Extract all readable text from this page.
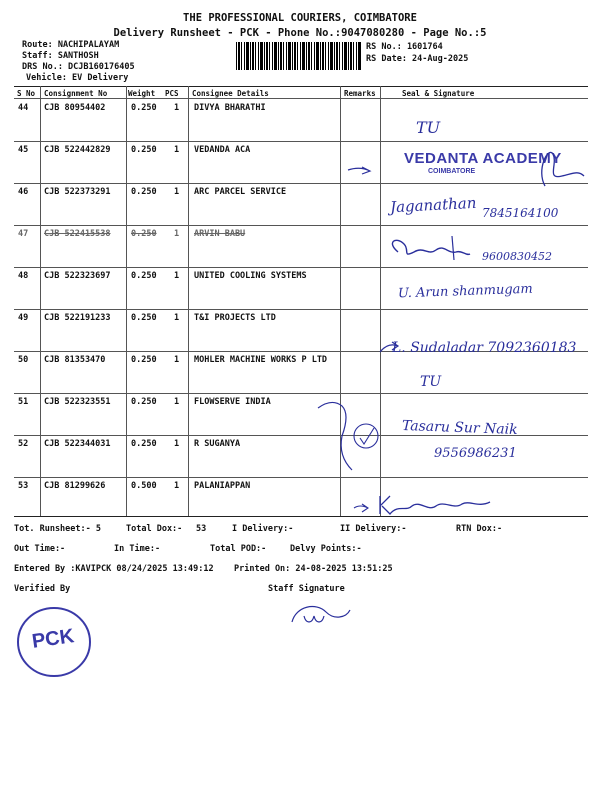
THE PROFESSIONAL COURIERS, COIMBATORE
Delivery Runsheet - PCK - Phone No.:9047080280 - Page No.:5
Route: NACHIPALAYAM
Staff: SANTHOSH
DRS No.: DCJB160176405
Vehicle: EV Delivery
RS No.: 1601764
RS Date: 24-Aug-2025
S No Consignment No	Weight PCS Consignee Details	Remarks	Seal & Signature
44 CJB 80954402	0.250 1 DIVYA BHARATHI
45 CJB 522442829 0.250 1 VEDANDA ACA
46 CJB 522373291 0.250 1 ARC PARCEL SERVICE
47 CJB 522415538 0.250 1 ARVIN BABU
48 CJB 522323697 0.250 1 UNITED COOLING SYSTEMS
49 CJB 522191233 0.250 1 T&I PROJECTS LTD
50 CJB 81353470	0.250 1 MOHLER MACHINE WORKS P LTD
51 CJB 522323551 0.250 1 FLOWSERVE INDIA
52 CJB 522344031 0.250 1 R SUGANYA
53 CJB 81299626	0.500 1 PALANIAPPAN
TU
VEDANTA ACADEMY
COIMBATORE
Jaganathan 7845164100
9600830452
U. Arun shanmugam
L. Sudaladar 7092360183
TU
Tasaru Sur Naik
9556986231
Tot. Runsheet:- 5	Total Dox:- 53	I Delivery:-	II Delivery:-	RTN Dox:-
Out Time:-	In Time:-	Total POD:-	Delvy Points:-
Entered By :KAVIPCK 08/24/2025 13:49:12 Printed On: 24-08-2025 13:51:25
Verified By	Staff Signature
PCK
